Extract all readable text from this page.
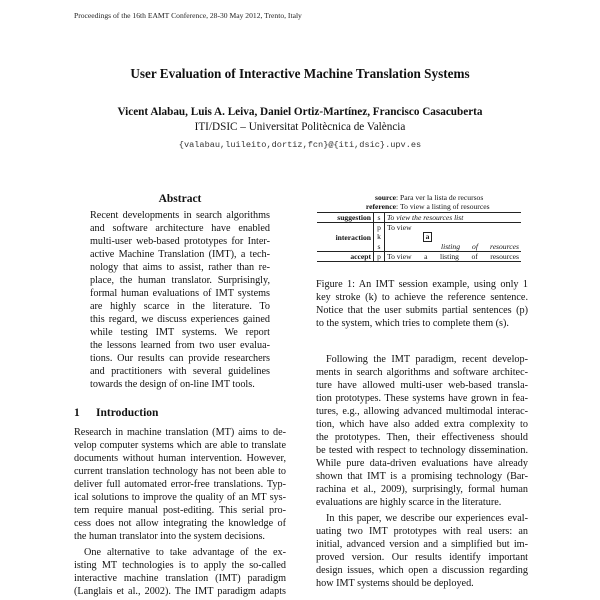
Proceedings of the 16th EAMT Conference, 28-30 May 2012, Trento, Italy
User Evaluation of Interactive Machine Translation Systems
Vicent Alabau, Luis A. Leiva, Daniel Ortiz-Martínez, Francisco Casacuberta
ITI/DSIC – Universitat Politècnica de València
{valabau,luileito,dortiz,fcn}@{iti,dsic}.upv.es
Abstract
Recent developments in search algorithms
and software architecture have enabled
multi-user web-based prototypes for Inter-
active Machine Translation (IMT), a tech-
nology that aims to assist, rather than re-
place, the human translator. Surprisingly,
formal human evaluations of IMT systems
are highly scarce in the literature. To
this regard, we discuss experiences gained
while testing IMT systems. We report
the lessons learned from two user evalua-
tions. Our results can provide researchers
and practitioners with several guidelines
towards the design of on-line IMT tools.
1 Introduction
Research in machine translation (MT) aims to de-
velop computer systems which are able to translate
documents without human intervention. However,
current translation technology has not been able to
deliver full automated error-free translations. Typ-
ical solutions to improve the quality of an MT sys-
tem require manual post-editing. This serial pro-
cess does not allow integrating the knowledge of
the human translator into the system decisions.
One alternative to take advantage of the ex-
isting MT technologies is to apply the so-called
interactive machine translation (IMT) paradigm
(Langlais et al., 2002). The IMT paradigm adapts
source: Para ver la lista de recursos
reference: To view a listing of resources
suggestion	s	To view the resources list
interaction	p	To view
	k	a
	s	listing of resources

accept	p	To view a listing of resources
Figure 1: An IMT session example, using only 1
key stroke (k) to achieve the reference sentence.
Notice that the user submits partial sentences (p)
to the system, which tries to complete them (s).
Following the IMT paradigm, recent develop-
ments in search algorithms and software architec-
ture have allowed multi-user web-based transla-
tion prototypes. These systems have grown in fea-
tures, e.g., allowing advanced multimodal interac-
tion, which have also added extra complexity to
the prototypes. Then, their effectiveness should
be tested with respect to technology dissemination.
While pure data-driven evaluations have already
shown that IMT is a promising technology (Bar-
rachina et al., 2009), surprisingly, formal human
evaluations are highly scarce in the literature.
In this paper, we describe our experiences eval-
uating two IMT prototypes with real users: an
initial, advanced version and a simplified but im-
proved version. Our results identify important
design issues, which open a discussion regarding
how IMT systems should be deployed.
